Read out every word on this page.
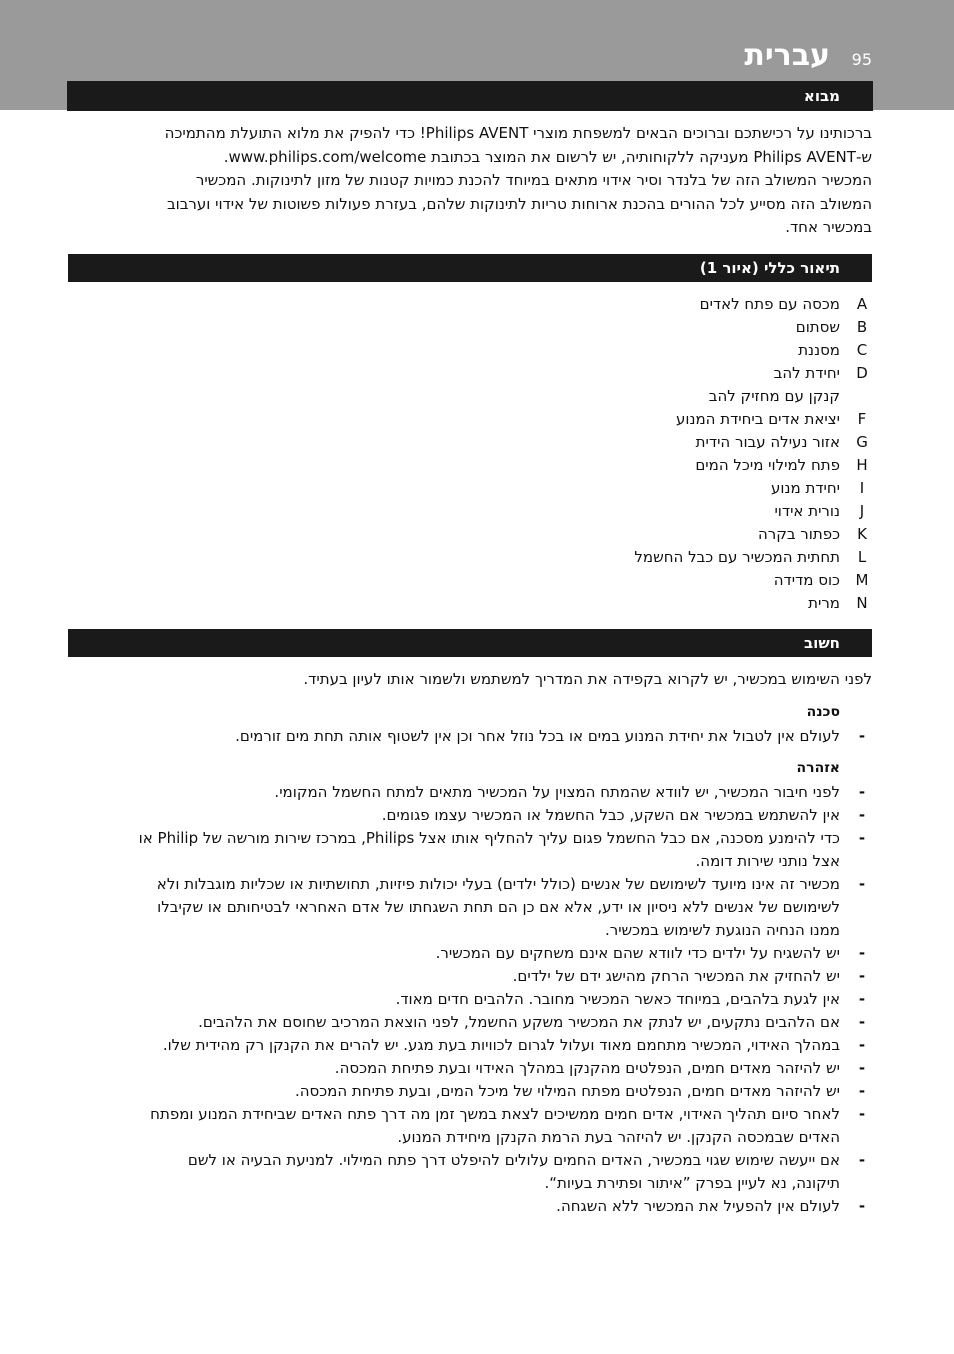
עברית 95
מבוא
ברכותינו על רכישתכם וברוכים הבאים למשפחת מוצרי Philips AVENT! כדי להפיק את מלוא התועלת מהתמיכה
ש-Philips AVENT מעניקה ללקוחותיה, יש לרשום את המוצר בכתובת www.philips.com/welcome.
המכשיר המשולב הזה של בלנדר וסיר אידוי מתאים במיוחד להכנת כמויות קטנות של מזון לתינוקות. המכשיר
המשולב הזה מסייע לכל ההורים בהכנת ארוחות טריות לתינוקות שלהם, בעזרת פעולות פשוטות של אידוי וערבוב
במכשיר אחד.
תיאור כללי (איור 1)
A
מכסה עם פתח לאדים
B
שסתום
C
מסננת
D
יחידת להב
קנקן עם מחזיק להב
F
יציאת אדים ביחידת המנוע
G
אזור נעילה עבור הידית
H
פתח למילוי מיכל המים
I
יחידת מנוע
J
נורית אידוי
K
כפתור בקרה
L
תחתית המכשיר עם כבל החשמל
M
כוס מדידה
N
מרית
חשוב
לפני השימוש במכשיר, יש לקרוא בקפידה את המדריך למשתמש ולשמור אותו לעיון בעתיד.
סכנה
-
לעולם אין לטבול את יחידת המנוע במים או בכל נוזל אחר וכן אין לשטוף אותה תחת מים זורמים.
אזהרה
-
לפני חיבור המכשיר, יש לוודא שהמתח המצוין על המכשיר מתאים למתח החשמל המקומי.
-
אין להשתמש במכשיר אם השקע, כבל החשמל או המכשיר עצמו פגומים.
-
כדי להימנע מסכנה, אם כבל החשמל פגום עליך להחליף אותו אצל Philips, במרכז שירות מורשה של Philip או
אצל נותני שירות דומה.
-
מכשיר זה אינו מיועד לשימושם של אנשים (כולל ילדים) בעלי יכולות פיזיות, תחושתיות או שכליות מוגבלות ולא
לשימושם של אנשים ללא ניסיון או ידע, אלא אם כן הם תחת השגחתו של אדם האחראי לבטיחותם או שקיבלו
ממנו הנחיה הנוגעת לשימוש במכשיר.
-
יש להשגיח על ילדים כדי לוודא שהם אינם משחקים עם המכשיר.
-
יש להחזיק את המכשיר הרחק מהישג ידם של ילדים.
-
אין לגעת בלהבים, במיוחד כאשר המכשיר מחובר. הלהבים חדים מאוד.
-
אם הלהבים נתקעים, יש לנתק את המכשיר משקע החשמל, לפני הוצאת המרכיב שחוסם את הלהבים.
-
במהלך האידוי, המכשיר מתחמם מאוד ועלול לגרום לכוויות בעת מגע. יש להרים את הקנקן רק מהידית שלו.
-
יש להיזהר מאדים חמים, הנפלטים מהקנקן במהלך האידוי ובעת פתיחת המכסה.
-
יש להיזהר מאדים חמים, הנפלטים מפתח המילוי של מיכל המים, ובעת פתיחת המכסה.
-
לאחר סיום תהליך האידוי, אדים חמים ממשיכים לצאת במשך זמן מה דרך פתח האדים שביחידת המנוע ומפתח
האדים שבמכסה הקנקן. יש להיזהר בעת הרמת הקנקן מיחידת המנוע.
-
אם ייעשה שימוש שגוי במכשיר, האדים החמים עלולים להיפלט דרך פתח המילוי. למניעת הבעיה או לשם
תיקונה, נא לעיין בפרק ”איתור ופתירת בעיות“.
-
לעולם אין להפעיל את המכשיר ללא השגחה.
